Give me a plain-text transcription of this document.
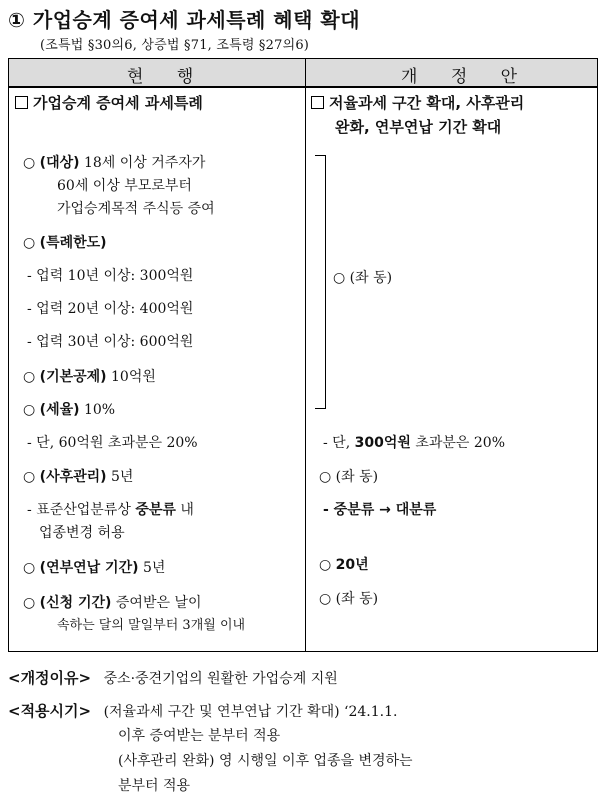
① 가업승계 증여세 과세특례 혜택 확대
(조특법 §30의6, 상증법 §71, 조특령 §27의6)
현 행	개 정 안
가업승계 증여세 과세특례
○ (대상) 18세 이상 거주자가
60세 이상 부모로부터
가업승계목적 주식등 증여
○ (특례한도)
- 업력 10년 이상: 300억원
- 업력 20년 이상: 400억원
- 업력 30년 이상: 600억원
○ (기본공제) 10억원
○ (세율) 10%
- 단, 60억원 초과분은 20%
○ (사후관리) 5년
- 표준산업분류상 중분류 내
업종변경 허용
○ (연부연납 기간) 5년
○ (신청 기간) 증여받은 날이
속하는 달의 말일부터 3개월 이내
저율과세 구간 확대, 사후관리
완화, 연부연납 기간 확대
○ (좌 동)
- 단, 300억원 초과분은 20%
○ (좌 동)
- 중분류 → 대분류
○ 20년
○ (좌 동)
<개정이유> 중소·중견기업의 원활한 가업승계 지원
<적용시기> (저율과세 구간 및 연부연납 기간 확대) ‘24.1.1.
이후 증여받는 분부터 적용
(사후관리 완화) 영 시행일 이후 업종을 변경하는
분부터 적용
